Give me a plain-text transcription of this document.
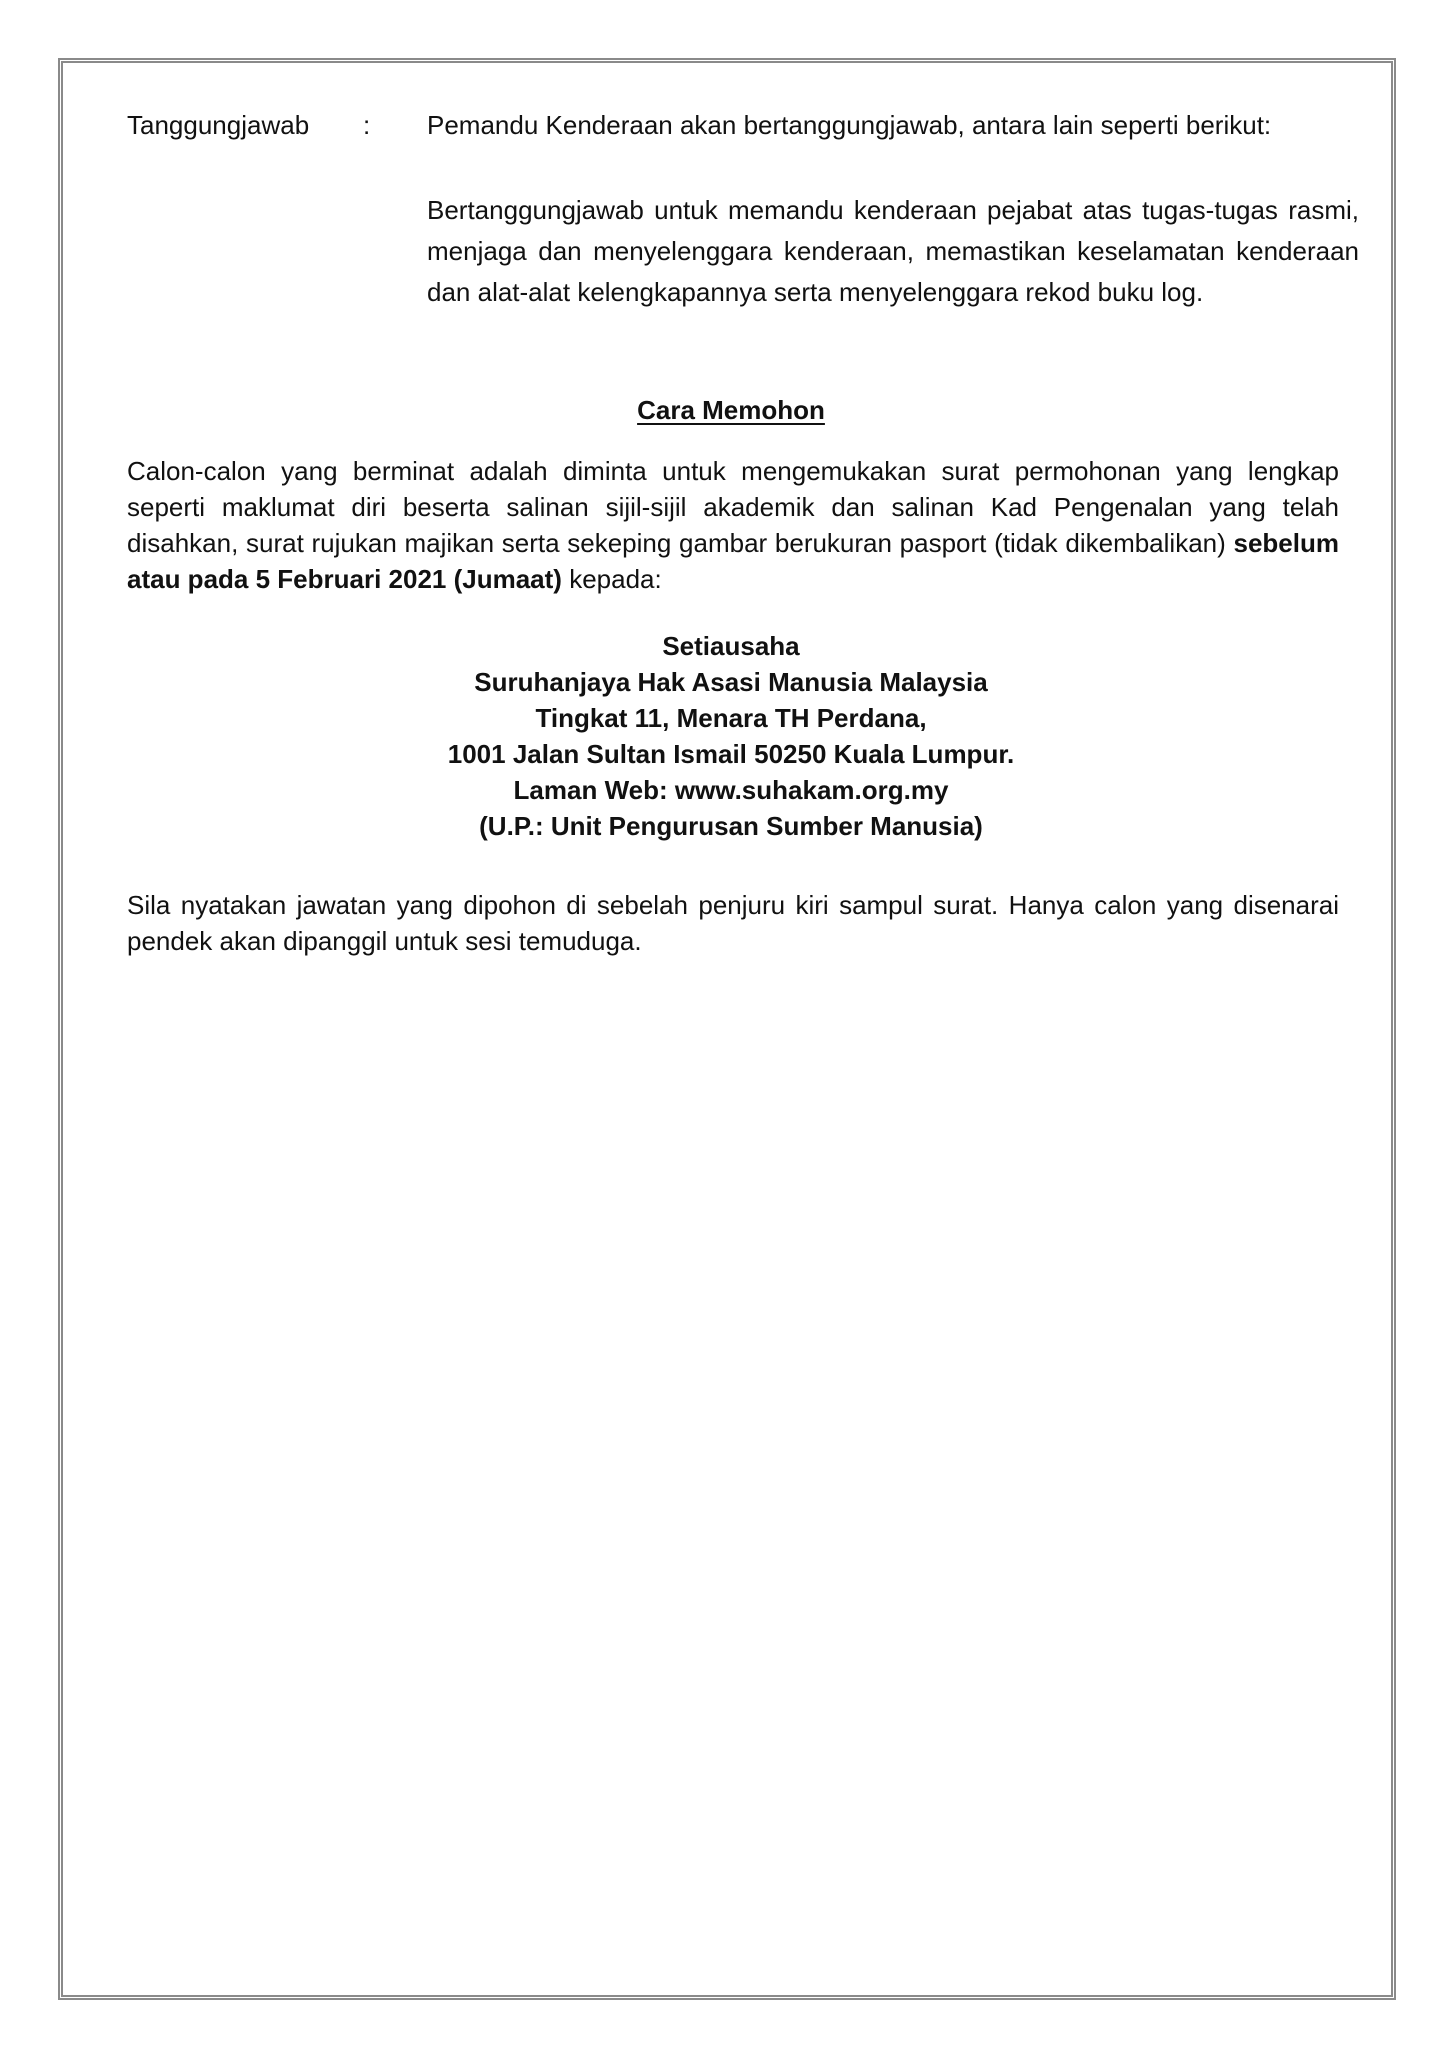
Tanggungjawab : Pemandu Kenderaan akan bertanggungjawab, antara lain seperti berikut:

Bertanggungjawab untuk memandu kenderaan pejabat atas tugas-tugas rasmi, menjaga dan menyelenggara kenderaan, memastikan keselamatan kenderaan dan alat-alat kelengkapannya serta menyelenggara rekod buku log.

Cara Memohon

Calon-calon yang berminat adalah diminta untuk mengemukakan surat permohonan yang lengkap seperti maklumat diri beserta salinan sijil-sijil akademik dan salinan Kad Pengenalan yang telah disahkan, surat rujukan majikan serta sekeping gambar berukuran pasport (tidak dikembalikan) sebelum atau pada 5 Februari 2021 (Jumaat) kepada:

Setiausaha
Suruhanjaya Hak Asasi Manusia Malaysia
Tingkat 11, Menara TH Perdana,
1001 Jalan Sultan Ismail 50250 Kuala Lumpur.
Laman Web: www.suhakam.org.my
(U.P.: Unit Pengurusan Sumber Manusia)

Sila nyatakan jawatan yang dipohon di sebelah penjuru kiri sampul surat. Hanya calon yang disenarai pendek akan dipanggil untuk sesi temuduga.
